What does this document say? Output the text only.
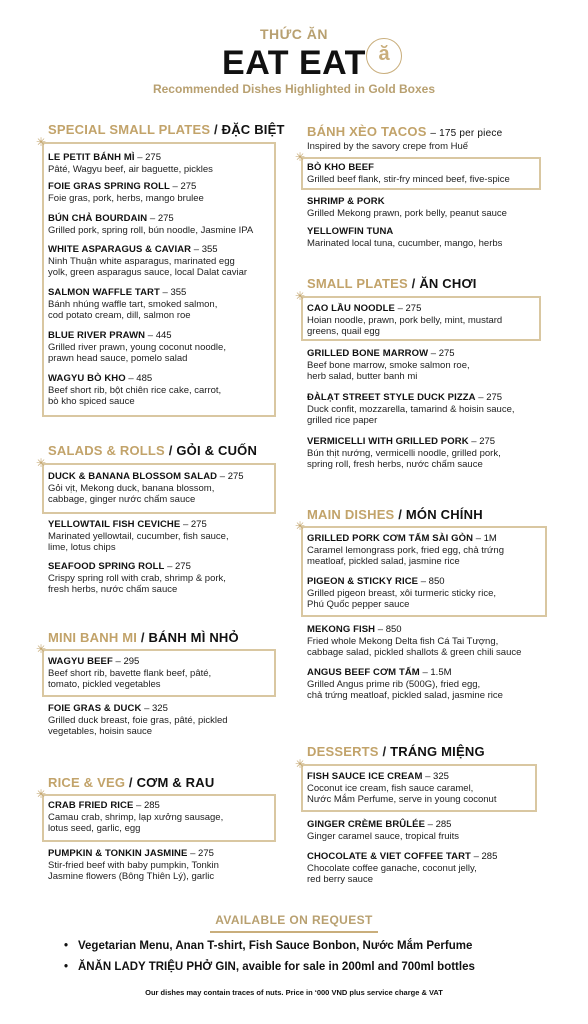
THỨC ĂN
EAT EAT ă
Recommended Dishes Highlighted in Gold Boxes
SPECIAL SMALL PLATES / ĐẶC BIỆT
✳
LE PETIT BÁNH MÌ – 275
Pâté, Wagyu beef, air baguette, pickles
FOIE GRAS SPRING ROLL – 275
Foie gras, pork, herbs, mango brulee
BÚN CHẢ BOURDAIN – 275
Grilled pork, spring roll, bún noodle, Jasmine IPA
WHITE ASPARAGUS & CAVIAR – 355
Ninh Thuận white asparagus, marinated egg
yolk, green asparagus sauce, local Dalat caviar
SALMON WAFFLE TART – 355
Bánh nhúng waffle tart, smoked salmon,
cod potato cream, dill, salmon roe
BLUE RIVER PRAWN – 445
Grilled river prawn, young coconut noodle,
prawn head sauce, pomelo salad
WAGYU BÒ KHO – 485
Beef short rib, bột chiên rice cake, carrot,
bò kho spiced sauce
SALADS & ROLLS / GỎI & CUỐN
✳
DUCK & BANANA BLOSSOM SALAD – 275
Gỏi vịt, Mekong duck, banana blossom,
cabbage, ginger nước chấm sauce
YELLOWTAIL FISH CEVICHE – 275
Marinated yellowtail, cucumber, fish sauce,
lime, lotus chips
SEAFOOD SPRING ROLL – 275
Crispy spring roll with crab, shrimp & pork,
fresh herbs, nước chấm sauce
MINI BANH MI / BÁNH MÌ NHỎ
✳
WAGYU BEEF – 295
Beef short rib, bavette flank beef, pâté,
tomato, pickled vegetables
FOIE GRAS & DUCK – 325
Grilled duck breast, foie gras, pâté, pickled
vegetables, hoisin sauce
RICE & VEG / CƠM & RAU
✳
CRAB FRIED RICE – 285
Camau crab, shrimp, lạp xưởng sausage,
lotus seed, garlic, egg
PUMPKIN & TONKIN JASMINE – 275
Stir-fried beef with baby pumpkin, Tonkin
Jasmine flowers (Bông Thiên Lý), garlic
BÁNH XÈO TACOS – 175 per piece
Inspired by the savory crepe from Huế
✳
BÒ KHO BEEF
Grilled beef flank, stir-fry minced beef, five-spice
SHRIMP & PORK
Grilled Mekong prawn, pork belly, peanut sauce
YELLOWFIN TUNA
Marinated local tuna, cucumber, mango, herbs
SMALL PLATES / ĂN CHƠI
✳
CAO LẦU NOODLE – 275
Hoian noodle, prawn, pork belly, mint, mustard
greens, quail egg
GRILLED BONE MARROW – 275
Beef bone marrow, smoke salmon roe,
herb salad, butter banh mi
ĐÀLẠT STREET STYLE DUCK PIZZA – 275
Duck confit, mozzarella, tamarind & hoisin sauce,
grilled rice paper
VERMICELLI WITH GRILLED PORK – 275
Bún thịt nướng, vermicelli noodle, grilled pork,
spring roll, fresh herbs, nước chấm sauce
MAIN DISHES / MÓN CHÍNH
✳
GRILLED PORK CƠM TẤM SÀI GÒN – 1M
Caramel lemongrass pork, fried egg, chả trứng
meatloaf, pickled salad, jasmine rice
PIGEON & STICKY RICE – 850
Grilled pigeon breast, xôi turmeric sticky rice,
Phú Quốc pepper sauce
MEKONG FISH – 850
Fried whole Mekong Delta fish Cá Tai Tượng,
cabbage salad, pickled shallots & green chili sauce
ANGUS BEEF CƠM TẤM – 1.5M
Grilled Angus prime rib (500G), fried egg,
chả trứng meatloaf, pickled salad, jasmine rice
DESSERTS / TRÁNG MIỆNG
✳
FISH SAUCE ICE CREAM – 325
Coconut ice cream, fish sauce caramel,
Nước Mắm Perfume, serve in young coconut
GINGER CRÈME BRÛLÉE – 285
Ginger caramel sauce, tropical fruits
CHOCOLATE & VIET COFFEE TART – 285
Chocolate coffee ganache, coconut jelly,
red berry sauce
AVAILABLE ON REQUEST
• Vegetarian Menu, Anan T-shirt, Fish Sauce Bonbon, Nước Mắm Perfume
• ĂNĂN LADY TRIỆU PHỞ GIN, avaible for sale in 200ml and 700ml bottles
Our dishes may contain traces of nuts. Price in ‘000 VND plus service charge & VAT
